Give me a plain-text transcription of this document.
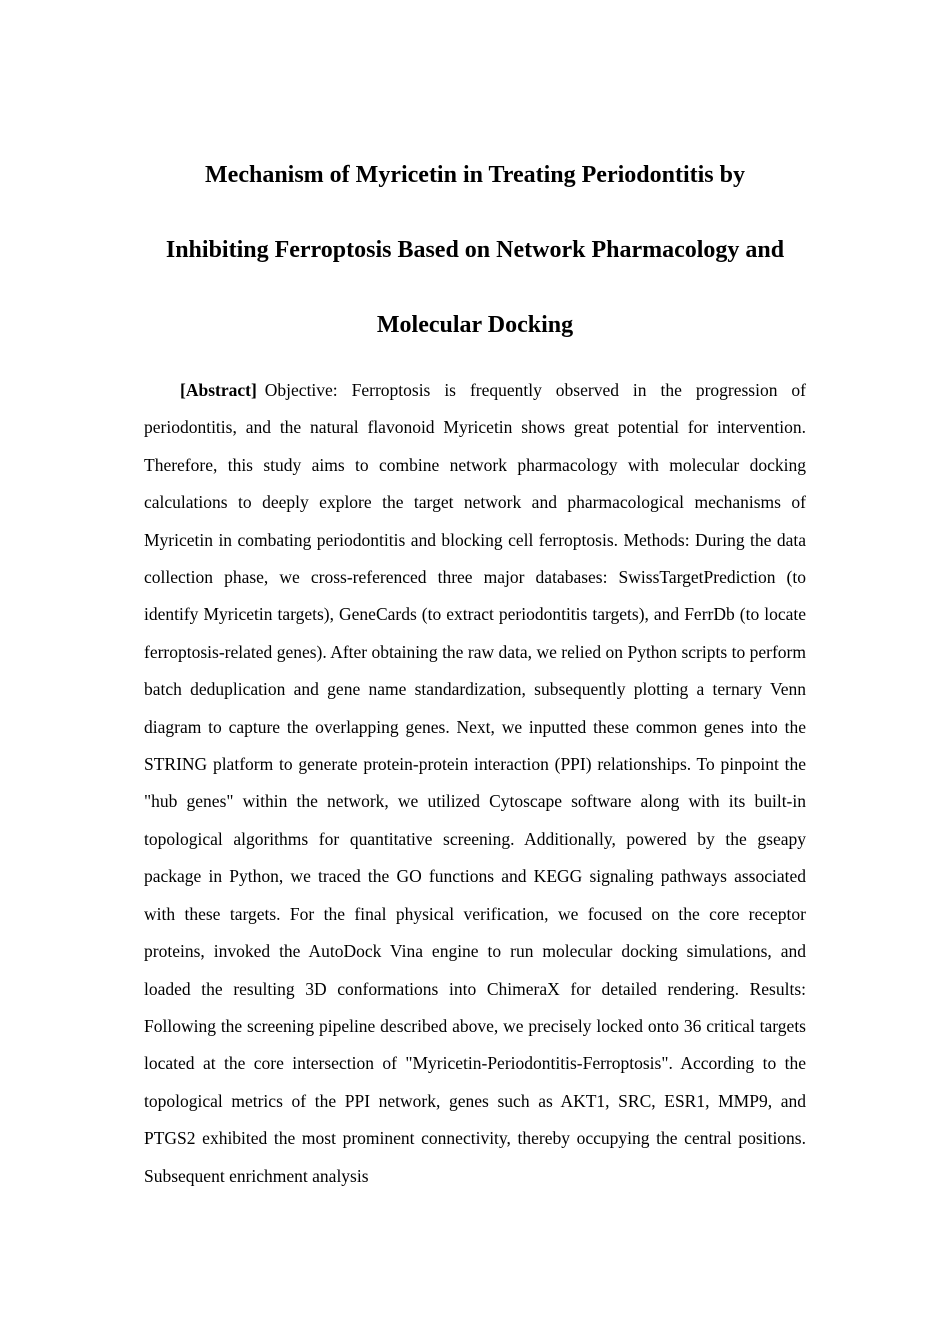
Mechanism of Myricetin in Treating Periodontitis by
Inhibiting Ferroptosis Based on Network Pharmacology and
Molecular Docking

[Abstract] Objective: Ferroptosis is frequently observed in the progression of periodontitis, and the natural flavonoid Myricetin shows great potential for intervention. Therefore, this study aims to combine network pharmacology with molecular docking calculations to deeply explore the target network and pharmacological mechanisms of Myricetin in combating periodontitis and blocking cell ferroptosis. Methods: During the data collection phase, we cross-referenced three major databases: SwissTargetPrediction (to identify Myricetin targets), GeneCards (to extract periodontitis targets), and FerrDb (to locate ferroptosis-related genes). After obtaining the raw data, we relied on Python scripts to perform batch deduplication and gene name standardization, subsequently plotting a ternary Venn diagram to capture the overlapping genes. Next, we inputted these common genes into the STRING platform to generate protein-protein interaction (PPI) relationships. To pinpoint the "hub genes" within the network, we utilized Cytoscape software along with its built-in topological algorithms for quantitative screening. Additionally, powered by the gseapy package in Python, we traced the GO functions and KEGG signaling pathways associated with these targets. For the final physical verification, we focused on the core receptor proteins, invoked the AutoDock Vina engine to run molecular docking simulations, and loaded the resulting 3D conformations into ChimeraX for detailed rendering. Results: Following the screening pipeline described above, we precisely locked onto 36 critical targets located at the core intersection of "Myricetin-Periodontitis-Ferroptosis". According to the topological metrics of the PPI network, genes such as AKT1, SRC, ESR1, MMP9, and PTGS2 exhibited the most prominent connectivity, thereby occupying the central positions. Subsequent enrichment analysis
